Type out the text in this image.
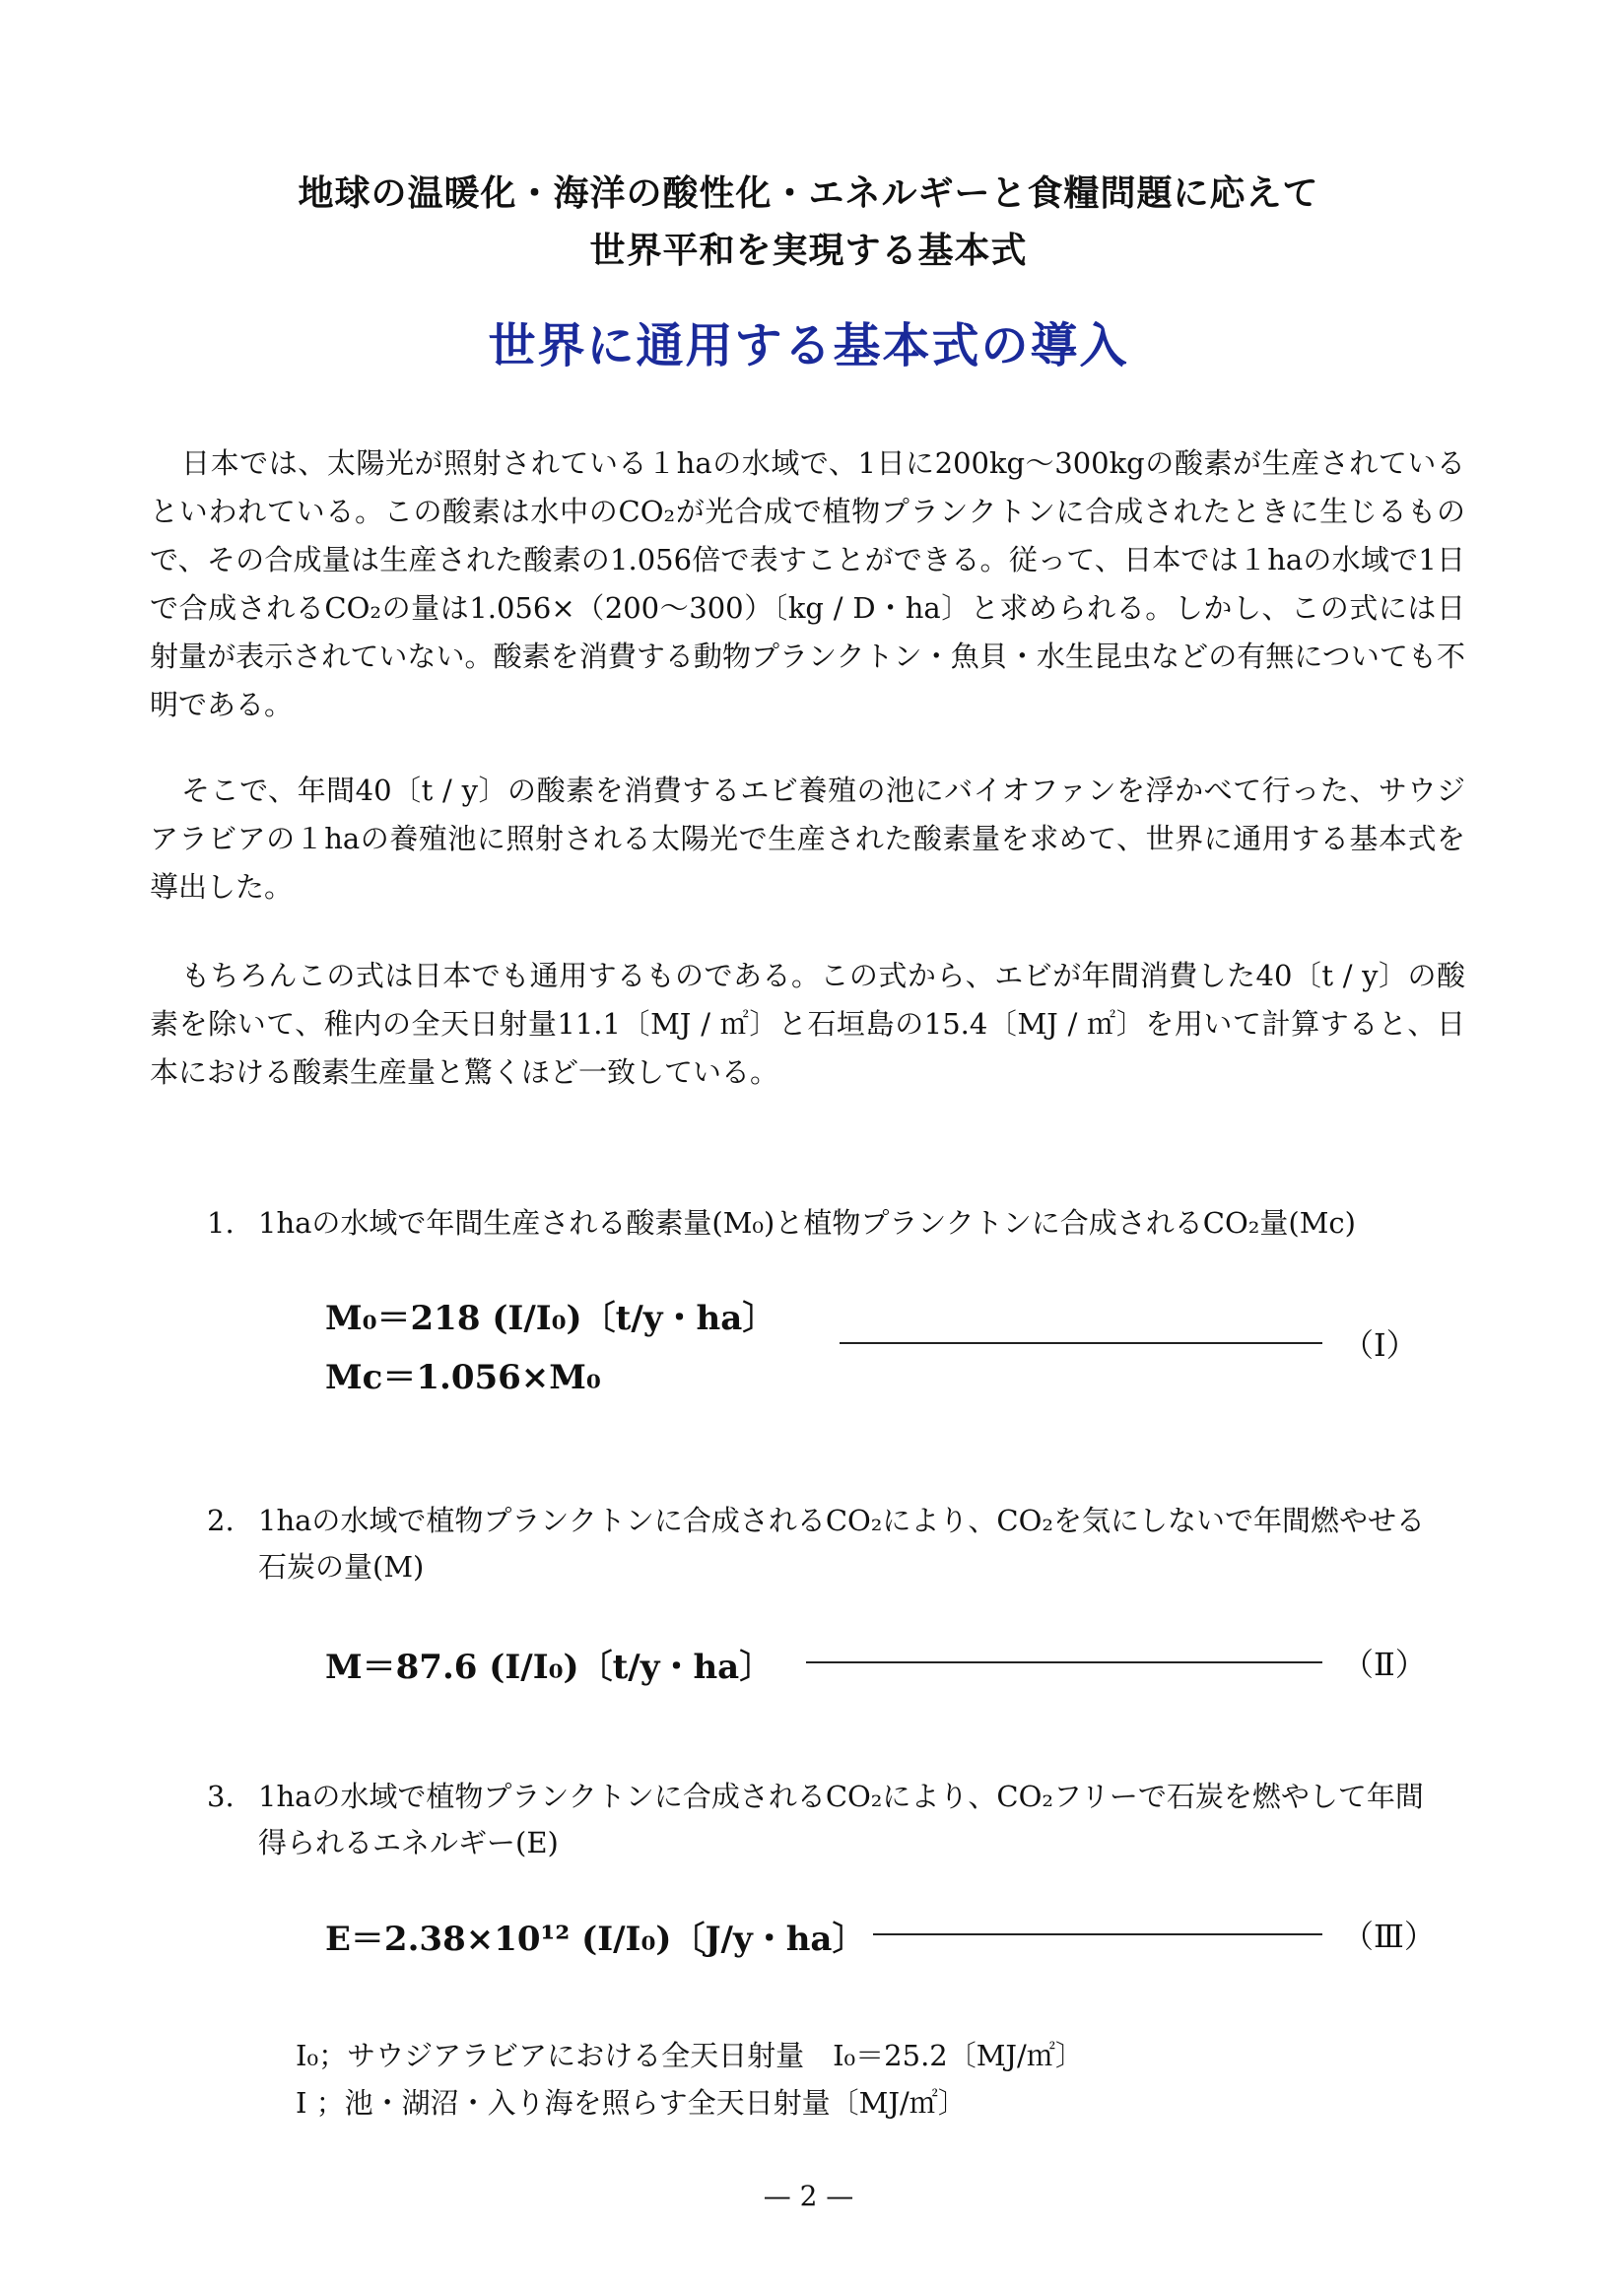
地球の温暖化・海洋の酸性化・エネルギーと食糧問題に応えて
世界平和を実現する基本式
世界に通用する基本式の導入

日本では、太陽光が照射されている１haの水域で、1日に200kg〜300kgの酸素が生産されているといわれている。この酸素は水中のCO₂が光合成で植物プランクトンに合成されたときに生じるもので、その合成量は生産された酸素の1.056倍で表すことができる。従って、日本では１haの水域で1日で合成されるCO₂の量は1.056×（200〜300）〔kg / D・ha〕と求められる。しかし、この式には日射量が表示されていない。酸素を消費する動物プランクトン・魚貝・水生昆虫などの有無についても不明である。

そこで、年間40〔t / y〕の酸素を消費するエビ養殖の池にバイオファンを浮かべて行った、サウジアラビアの１haの養殖池に照射される太陽光で生産された酸素量を求めて、世界に通用する基本式を導出した。

もちろんこの式は日本でも通用するものである。この式から、エビが年間消費した40〔t / y〕の酸素を除いて、稚内の全天日射量11.1〔MJ / ㎡〕と石垣島の15.4〔MJ / ㎡〕を用いて計算すると、日本における酸素生産量と驚くほど一致している。

1. 1haの水域で年間生産される酸素量(M₀)と植物プランクトンに合成されるCO₂量(Mc)
M₀＝218 (I/I₀)〔t/y・ha〕
Mc＝1.056×M₀
（Ⅰ）
2. 1haの水域で植物プランクトンに合成されるCO₂により、CO₂を気にしないで年間燃やせる石炭の量(M)
M＝87.6 (I/I₀)〔t/y・ha〕	（Ⅱ）
3. 1haの水域で植物プランクトンに合成されるCO₂により、CO₂フリーで石炭を燃やして年間得られるエネルギー(E)
E＝2.38×10¹² (I/I₀)〔J/y・ha〕	（Ⅲ）
I₀；サウジアラビアにおける全天日射量　I₀＝25.2〔MJ/㎡〕
I ；池・湖沼・入り海を照らす全天日射量〔MJ/㎡〕
— 2 —
